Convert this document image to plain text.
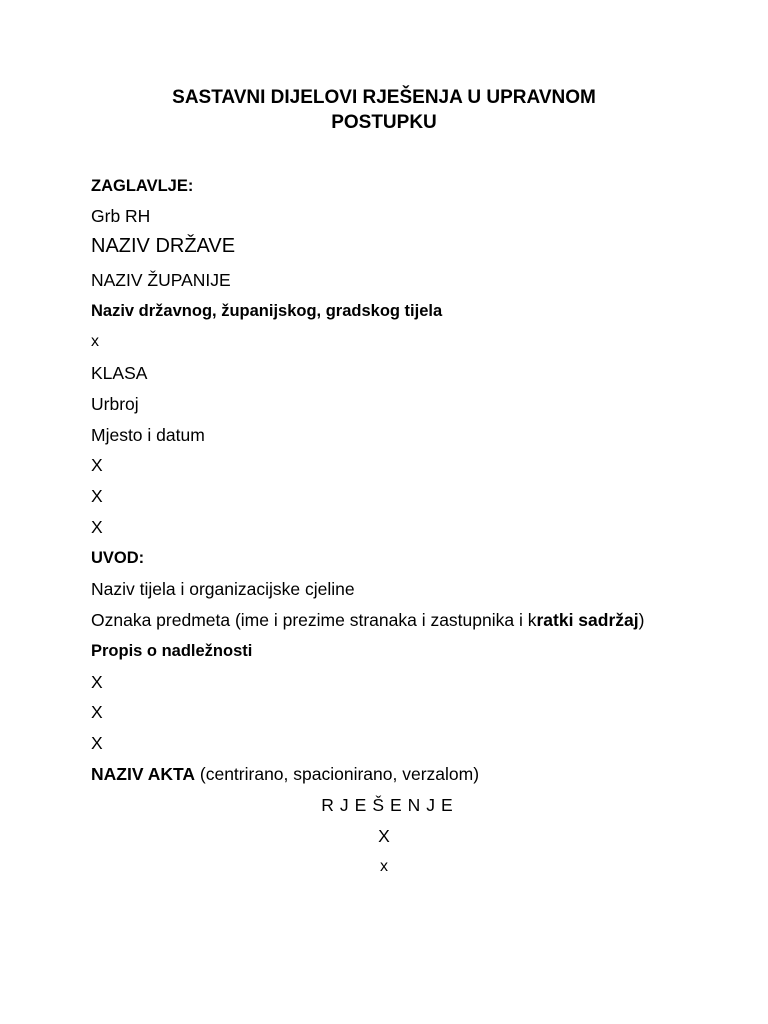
SASTAVNI DIJELOVI RJEŠENJA U UPRAVNOM
POSTUPKU
ZAGLAVLJE:
Grb RH
NAZIV DRŽAVE
NAZIV ŽUPANIJE
Naziv državnog, županijskog, gradskog tijela
x
KLASA
Urbroj
Mjesto i datum
X
X
X
UVOD:
Naziv tijela i organizacijske cjeline
Oznaka predmeta (ime i prezime stranaka i zastupnika i kratki sadržaj)
Propis o nadležnosti
X
X
X
NAZIV AKTA (centrirano, spacionirano, verzalom)
RJEŠENJE
X
x
